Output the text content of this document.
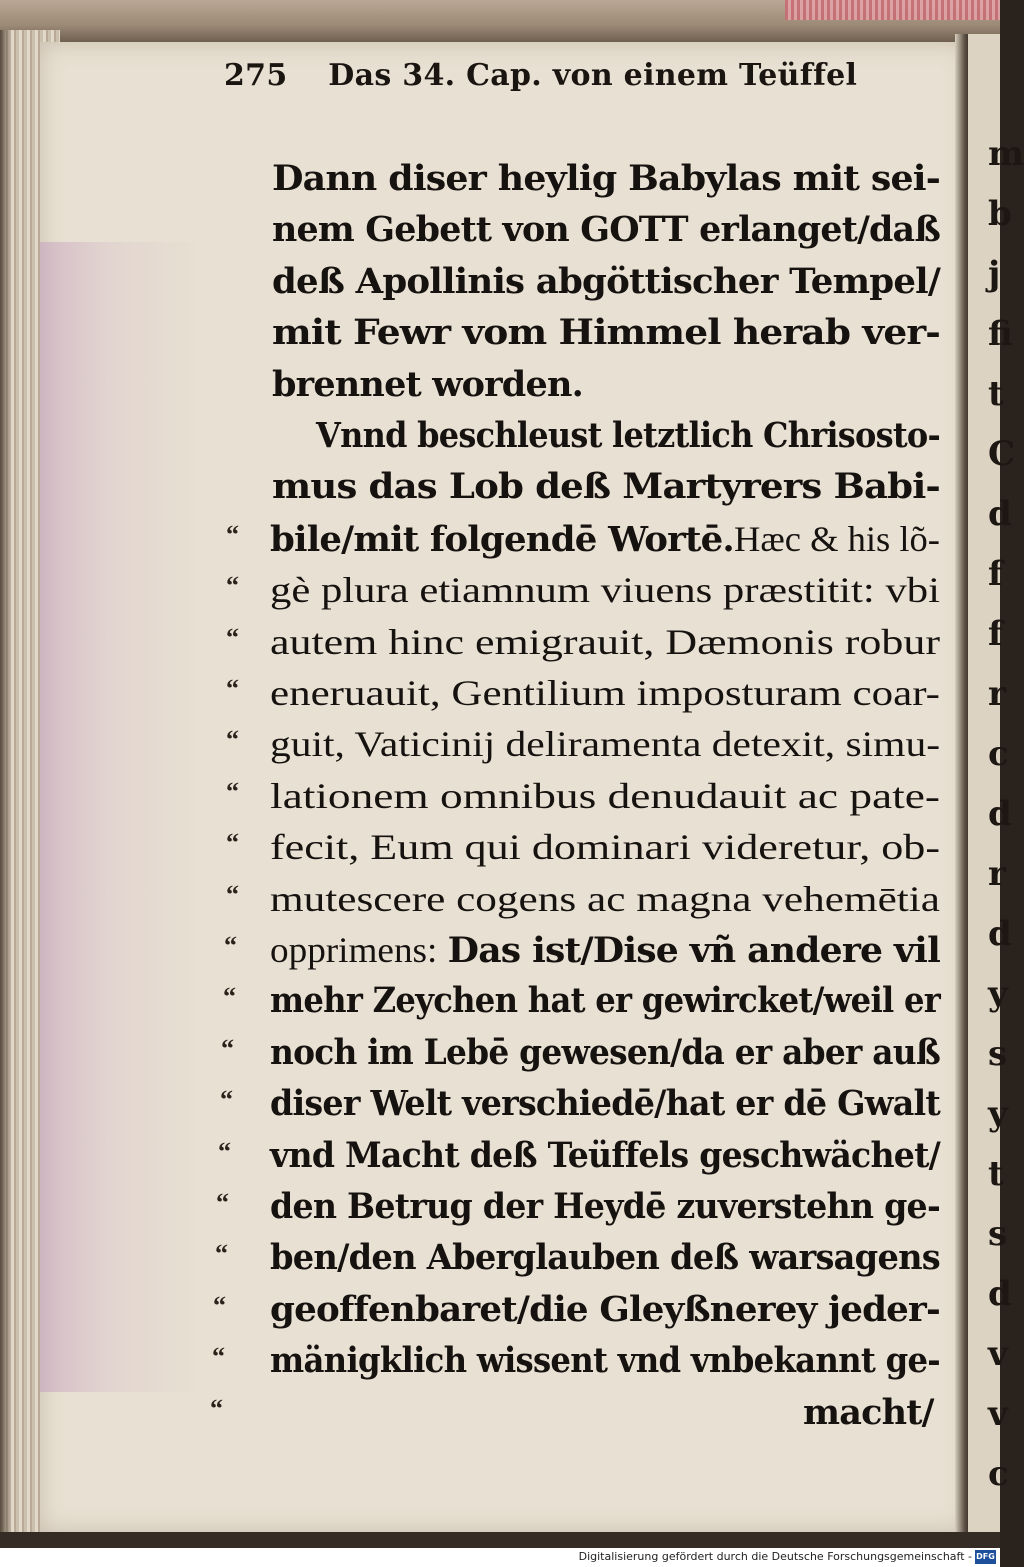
m
b
j
fi
t
C
d
f
f
r
c
d
r
d
y
s
y
t
s
d
v
v
c
275 Das 34. Cap. von einem Teüffel
Dann diser heylig Babylas mit sei-
nem Gebett von GOTT erlanget/daß
deß Apollinis abgöttischer Tempel/
mit Fewr vom Himmel herab ver-
brennet worden.
Vnnd beschleust letztlich Chrisosto-
mus das Lob deß Martyrers Babi-
bile/mit folgendē Wortē.Hæc & his lõ-
“
gè plura etiamnum viuens præstitit: vbi
“
autem hinc emigrauit, Dæmonis robur
“
eneruauit, Gentilium imposturam coar-
“
guit, Vaticinij deliramenta detexit, simu-
“
lationem omnibus denudauit ac pate-
“
fecit, Eum qui dominari videretur, ob-
“
mutescere cogens ac magna vehemētia
“
opprimens: Das ist/Dise vñ andere vil
“
mehr Zeychen hat er gewircket/weil er
“
noch im Lebē gewesen/da er aber auß
“
diser Welt verschiedē/hat er dē Gwalt
“
vnd Macht deß Teüffels geschwächet/
“
den Betrug der Heydē zuverstehn ge-
“
ben/den Aberglauben deß warsagens
“
geoffenbaret/die Gleyßnerey jeder-
“
mänigklich wissent vnd vnbekannt ge-
“
macht/
“
Digitalisierung gefördert durch die Deutsche Forschungsgemeinschaft - DFG
